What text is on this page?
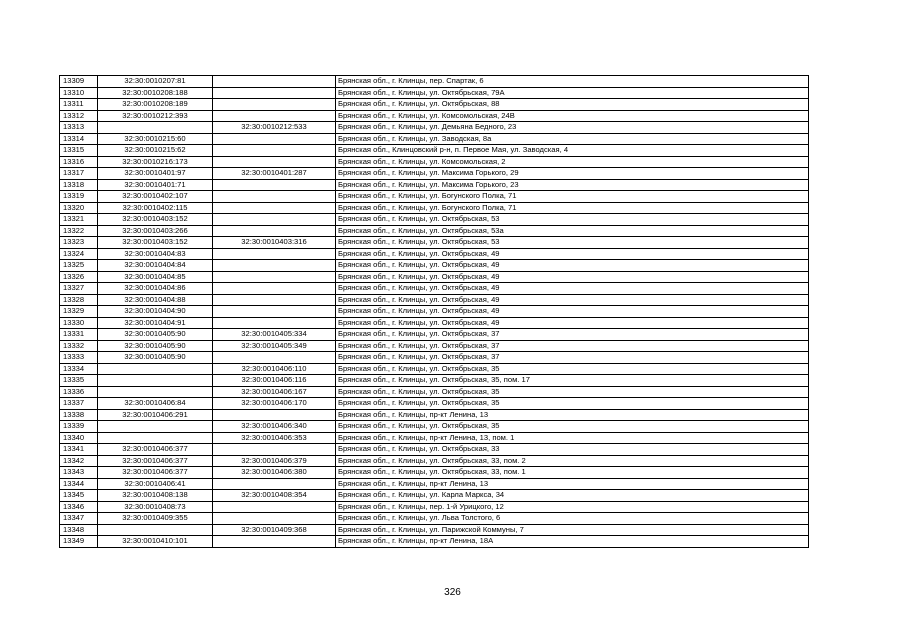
13309	32:30:0010207:81		Брянская обл., г. Клинцы, пер. Спартак, 6
13310	32:30:0010208:188		Брянская обл., г. Клинцы, ул. Октябрьская, 79А
13311	32:30:0010208:189		Брянская обл., г. Клинцы, ул. Октябрьская, 88
13312	32:30:0010212:393		Брянская обл., г. Клинцы, ул. Комсомольская, 24В
13313		32:30:0010212:533	Брянская обл., г. Клинцы, ул. Демьяна Бедного, 23
13314	32:30:0010215:60		Брянская обл., г. Клинцы, ул. Заводская, 8а
13315	32:30:0010215:62		Брянская обл., Клинцовский р-н, п. Первое Мая, ул. Заводская, 4
13316	32:30:0010216:173		Брянская обл., г. Клинцы, ул. Комсомольская, 2
13317	32:30:0010401:97	32:30:0010401:287	Брянская обл., г. Клинцы, ул. Максима Горького, 29
13318	32:30:0010401:71		Брянская обл., г. Клинцы, ул. Максима Горького, 23
13319	32:30:0010402:107		Брянская обл., г. Клинцы, ул. Богунского Полка, 71
13320	32:30:0010402:115		Брянская обл., г. Клинцы, ул. Богунского Полка, 71
13321	32:30:0010403:152		Брянская обл., г. Клинцы, ул. Октябрьская, 53
13322	32:30:0010403:266		Брянская обл., г. Клинцы, ул. Октябрьская, 53а
13323	32:30:0010403:152	32:30:0010403:316	Брянская обл., г. Клинцы, ул. Октябрьская, 53
13324	32:30:0010404:83		Брянская обл., г. Клинцы, ул. Октябрьская, 49
13325	32:30:0010404:84		Брянская обл., г. Клинцы, ул. Октябрьская, 49
13326	32:30:0010404:85		Брянская обл., г. Клинцы, ул. Октябрьская, 49
13327	32:30:0010404:86		Брянская обл., г. Клинцы, ул. Октябрьская, 49
13328	32:30:0010404:88		Брянская обл., г. Клинцы, ул. Октябрьская, 49
13329	32:30:0010404:90		Брянская обл., г. Клинцы, ул. Октябрьская, 49
13330	32:30:0010404:91		Брянская обл., г. Клинцы, ул. Октябрьская, 49
13331	32:30:0010405:90	32:30:0010405:334	Брянская обл., г. Клинцы, ул. Октябрьская, 37
13332	32:30:0010405:90	32:30:0010405:349	Брянская обл., г. Клинцы, ул. Октябрьская, 37
13333	32:30:0010405:90		Брянская обл., г. Клинцы, ул. Октябрьская, 37
13334		32:30:0010406:110	Брянская обл., г. Клинцы, ул. Октябрьская, 35
13335		32:30:0010406:116	Брянская обл., г. Клинцы, ул. Октябрьская, 35, пом. 17
13336		32:30:0010406:167	Брянская обл., г. Клинцы, ул. Октябрьская, 35
13337	32:30:0010406:84	32:30:0010406:170	Брянская обл., г. Клинцы, ул. Октябрьская, 35
13338	32:30:0010406:291		Брянская обл., г. Клинцы, пр-кт Ленина, 13
13339		32:30:0010406:340	Брянская обл., г. Клинцы, ул. Октябрьская, 35
13340		32:30:0010406:353	Брянская обл., г. Клинцы, пр-кт Ленина, 13, пом. 1
13341	32:30:0010406:377		Брянская обл., г. Клинцы, ул. Октябрьская, 33
13342	32:30:0010406:377	32:30:0010406:379	Брянская обл., г. Клинцы, ул. Октябрьская, 33, пом. 2
13343	32:30:0010406:377	32:30:0010406:380	Брянская обл., г. Клинцы, ул. Октябрьская, 33, пом. 1
13344	32:30:0010406:41		Брянская обл., г. Клинцы, пр-кт Ленина, 13
13345	32:30:0010408:138	32:30:0010408:354	Брянская обл., г. Клинцы, ул. Карла Маркса, 34
13346	32:30:0010408:73		Брянская обл., г. Клинцы, пер. 1-й Урицкого, 12
13347	32:30:0010409:355		Брянская обл., г. Клинцы, ул. Льва Толстого, 6
13348		32:30:0010409:368	Брянская обл., г. Клинцы, ул. Парижской Коммуны, 7
13349	32:30:0010410:101		Брянская обл., г. Клинцы, пр-кт Ленина, 18А
326
